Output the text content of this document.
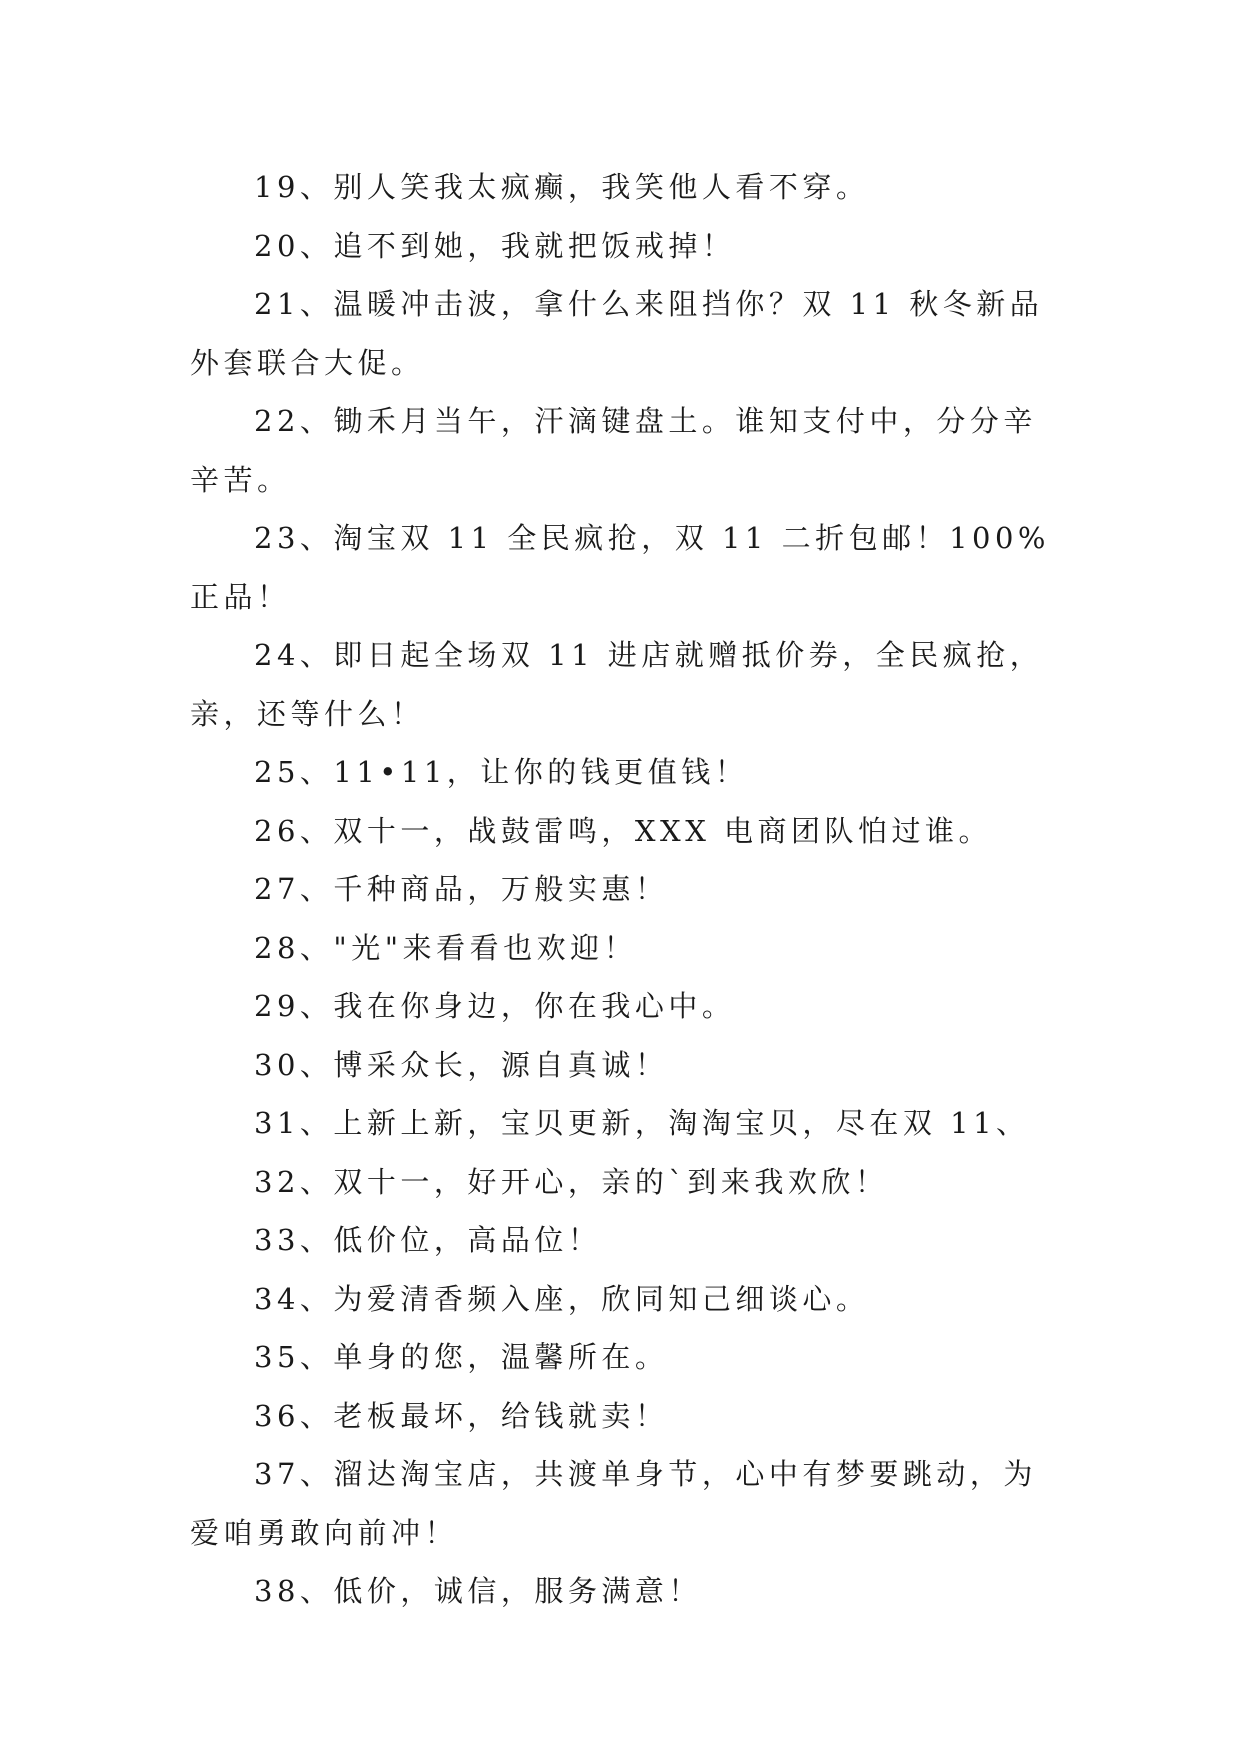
19、别人笑我太疯癫，我笑他人看不穿。

20、追不到她，我就把饭戒掉！

21、温暖冲击波，拿什么来阻挡你？双 11 秋冬新品外套联合大促。

22、锄禾月当午，汗滴键盘土。谁知支付中，分分辛辛苦。

23、淘宝双 11 全民疯抢，双 11 二折包邮！100%正品！

24、即日起全场双 11 进店就赠抵价券，全民疯抢，亲，还等什么！

25、11•11，让你的钱更值钱！

26、双十一，战鼓雷鸣，XXX 电商团队怕过谁。

27、千种商品，万般实惠！

28、"光"来看看也欢迎！

29、我在你身边，你在我心中。

30、博采众长，源自真诚！

31、上新上新，宝贝更新，淘淘宝贝，尽在双 11、

32、双十一，好开心，亲的`到来我欢欣！

33、低价位，高品位！

34、为爱清香频入座，欣同知己细谈心。

35、单身的您，温馨所在。

36、老板最坏，给钱就卖！

37、溜达淘宝店，共渡单身节，心中有梦要跳动，为爱咱勇敢向前冲！

38、低价，诚信，服务满意！
